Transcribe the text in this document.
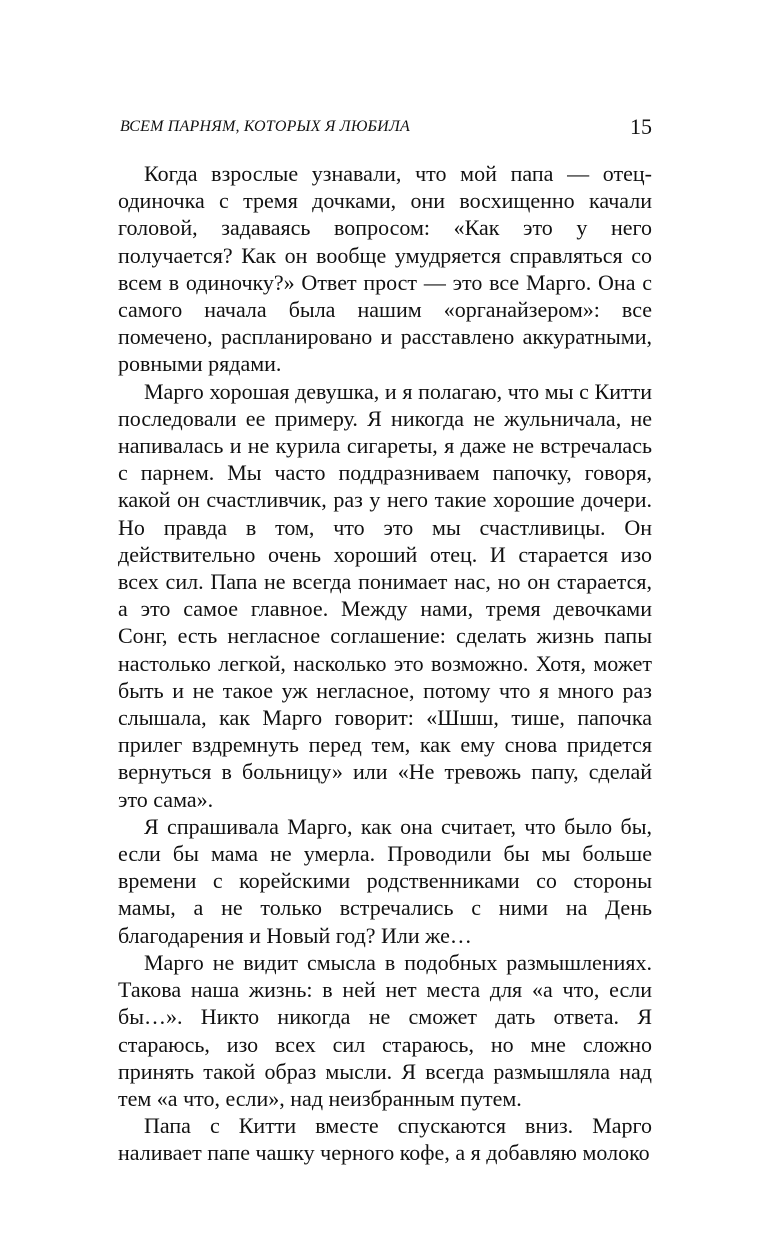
ВСЕМ ПАРНЯМ, КОТОРЫХ Я ЛЮБИЛА	15

Когда взрослые узнавали, что мой папа — отец-одиночка с тремя дочками, они восхищенно качали головой, задаваясь вопросом: «Как это у него получается? Как он вообще умудряется справляться со всем в одиночку?» Ответ прост — это все Марго. Она с самого начала была нашим «органайзером»: все помечено, распланировано и расставлено аккуратными, ровными рядами.

Марго хорошая девушка, и я полагаю, что мы с Китти последовали ее примеру. Я никогда не жульничала, не напивалась и не курила сигареты, я даже не встречалась с парнем. Мы часто поддразниваем папочку, говоря, какой он счастливчик, раз у него такие хорошие дочери. Но правда в том, что это мы счастливицы. Он действительно очень хороший отец. И старается изо всех сил. Папа не всегда понимает нас, но он старается, а это самое главное. Между нами, тремя девочками Сонг, есть негласное соглашение: сделать жизнь папы настолько легкой, насколько это возможно. Хотя, может быть и не такое уж негласное, потому что я много раз слышала, как Марго говорит: «Шшш, тише, папочка прилег вздремнуть перед тем, как ему снова придется вернуться в больницу» или «Не тревожь папу, сделай это сама».

Я спрашивала Марго, как она считает, что было бы, если бы мама не умерла. Проводили бы мы больше времени с корейскими родственниками со стороны мамы, а не только встречались с ними на День благодарения и Новый год? Или же…

Марго не видит смысла в подобных размышлениях. Такова наша жизнь: в ней нет места для «а что, если бы…». Никто никогда не сможет дать ответа. Я стараюсь, изо всех сил стараюсь, но мне сложно принять такой образ мысли. Я всегда размышляла над тем «а что, если», над неизбранным путем.

Папа с Китти вместе спускаются вниз. Марго наливает папе чашку черного кофе, а я добавляю молоко
